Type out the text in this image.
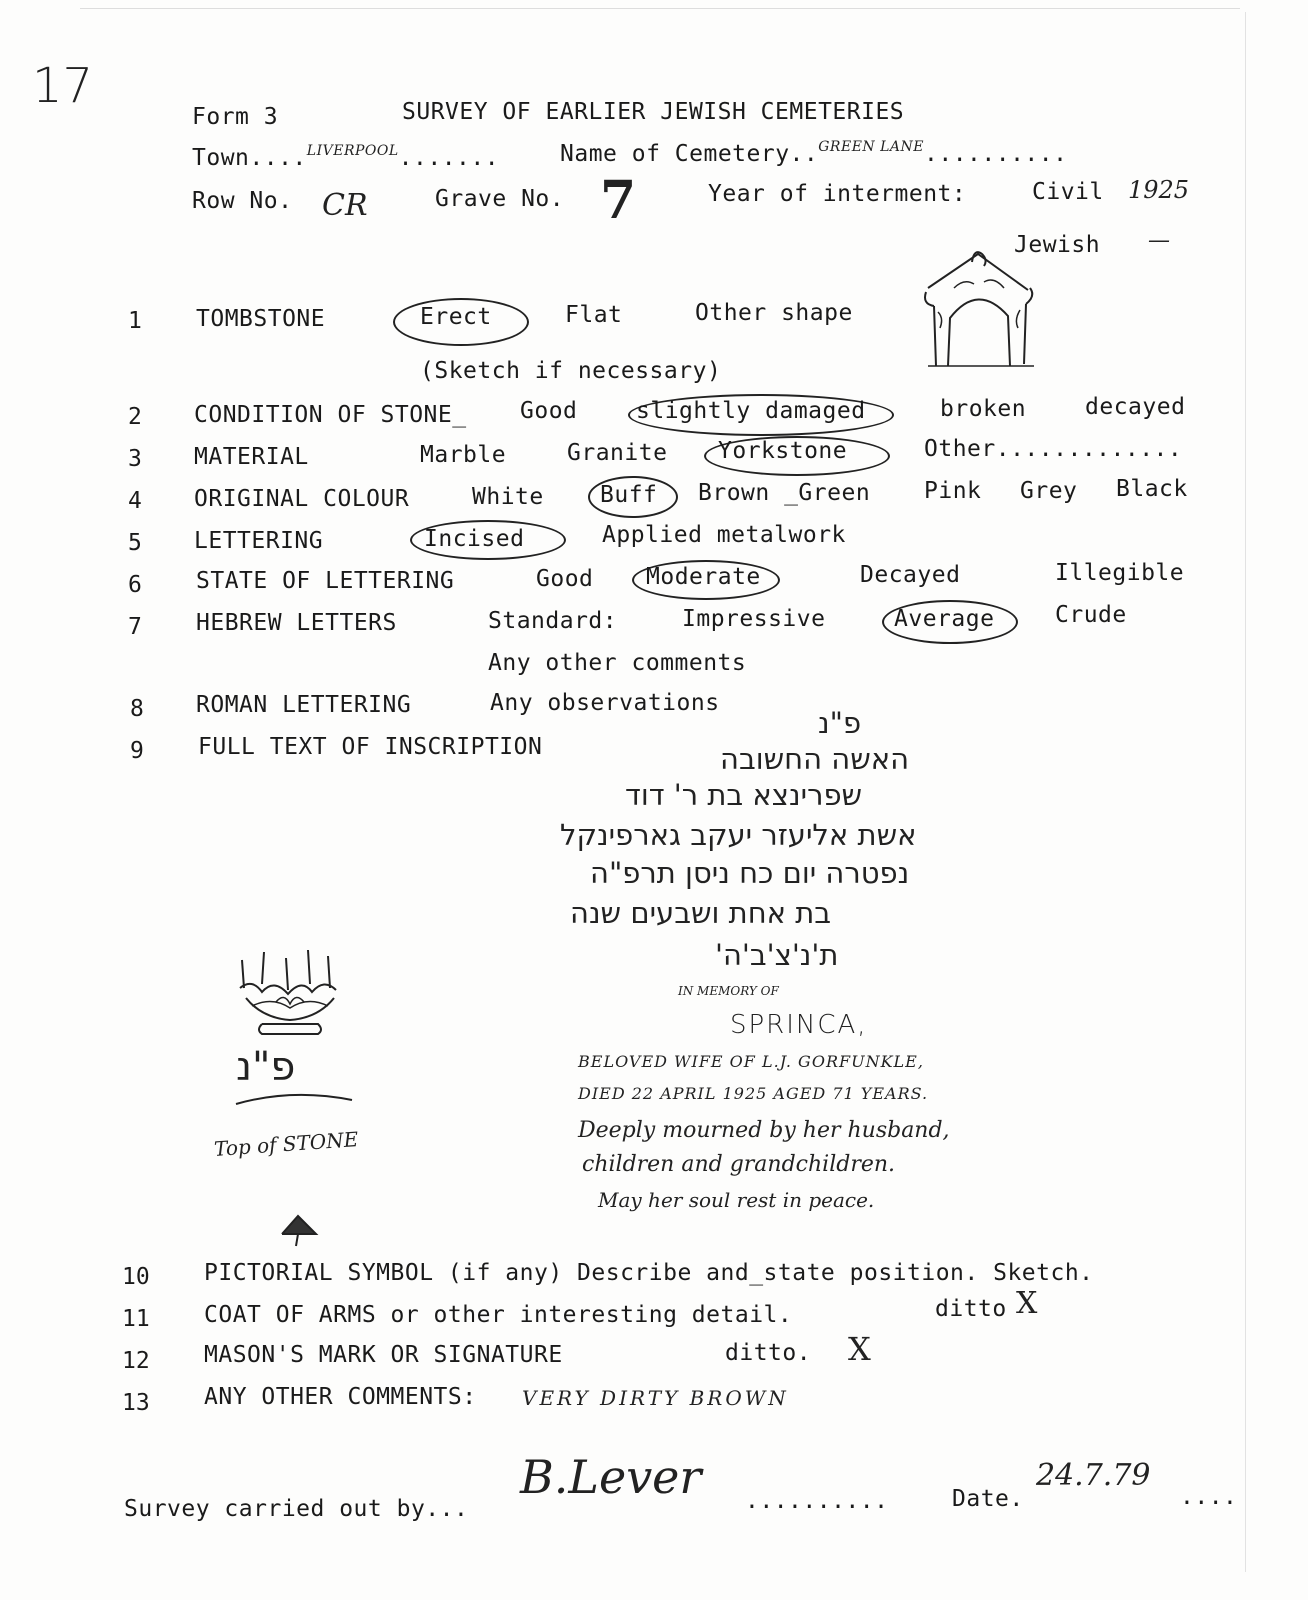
17
Form 3	SURVEY OF EARLIER JEWISH CEMETERIES
Town....$^{LIVERPOOL}$.......	Name of Cemetery..$^{GREEN LANE}$..........
Row No. CR	Grave No. 7	Year of interment:	Civil 1925
Jewish —
1 TOMBSTONE	Erect	Flat	Other shape
(Sketch if necessary)
2 CONDITION OF STONE_ Good	slightly damaged	broken	decayed
3 MATERIAL	Marble	Granite Yorkstone	Other.............
4 ORIGINAL COLOUR	White Buff Brown _Green Pink Grey Black
5 LETTERING	Incised	Applied metalwork
6 STATE OF LETTERING	Good Moderate	Decayed	Illegible
7 HEBREW LETTERS	Standard:	Impressive	Average	Crude
Any other comments
8 ROMAN LETTERING	Any observations
9 FULL TEXT OF INSCRIPTION
פ"נ
האשה החשובה
שפרינצא בת ר' דוד
אשת אליעזר יעקב גארפינקל
נפטרה יום כח ניסן תרפ"ה
בת אחת ושבעים שנה
ת'נ'צ'ב'ה'
IN MEMORY OF
SPRINCA,
BELOVED WIFE OF L.J. GORFUNKLE,
DIED 22 APRIL 1925 AGED 71 YEARS.
Deeply mourned by her husband,
children and grandchildren.
May her soul rest in peace.
פ"נ
Top of STONE
10 PICTORIAL SYMBOL (if any) Describe and_state position. Sketch.
11 COAT OF ARMS or other interesting detail.	ditto X
12 MASON'S MARK OR SIGNATURE	ditto. X
13 ANY OTHER COMMENTS: VERY DIRTY BROWN
Survey carried out by...
B.Lever ..........	Date.
24.7.79
....
